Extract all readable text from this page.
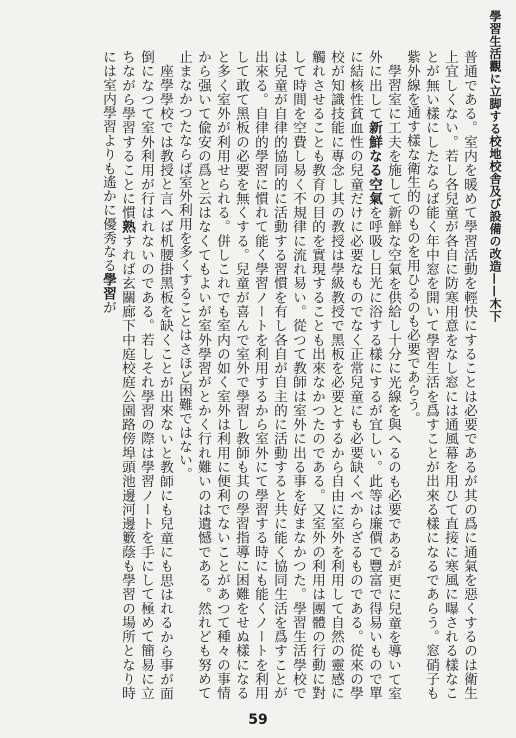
學習生活觀に立脚する校地校舎及び設備の改造——木下

普通である。室内を暖めて學習活動を輕快にすることは必要であるが其の爲に通氣を惡くするのは衛生上宜しくない。若し各兒童が各自に防寒用意をなし窓には通風幕を用ひて直接に寒風に曝される樣なことが無い樣にしたならば能く年中窓を開いて學習生活を爲すことが出來る樣になるであらう。窓硝子も紫外線を通す樣な衛生的のものを用ひるのも必要であらう。

學習室に工夫を施して新鮮な空氣を供給し十分に光線を與へるのも必要であるが更に兒童を導いて室外に出して新鮮なる空氣を呼吸し日光に浴する樣にするが宜しい。此等は廉價で豐富で得易いもので單に結核性貧血性の兒童だけに必要なものでなく正常兒童にも必要缺くべからざるものである。從來の學校が知識技能に專念し其の教授は學級教授で黑板を必要とするから自由に室外を利用して自然の靈感に觸れさせることも教育の目的を實現することも出來なかつたのである。又室外の利用は團體の行動に對して時間を空費し易く不規律に流れ易い。從つて教師は室外に出る事を好まなかつた。學習生活學校では兒童が自律的協同的に活動する習慣を有し各自が自主的に活動すると共に能く協同生活を爲すことが出來る。自律的學習に慣れて能く學習ノートを利用するから室外にて學習する時にも能くノートを利用して敢て黑板の必要を無くする。兒童が喜んで室外で學習し教師も其の學習指導に困難をせぬ樣になると多く室外が利用せられる。併しこれでも室内の如く室外は利用に便利でないことがあつて種々の事情から强いて偸安の爲と云はなくてもよいが室外學習がとかく行れ難いのは遺憾である。然れども努めて止まなかつたならば室外利用を多くすることはさほど困難ではない。

座學學校では教授と言へば机腰掛黑板を缺くことが出來ないと教師にも兒童にも思はれるから事が面倒になつて室外利用が行はれないのである。若しそれ學習の際は學習ノートを手にして極めて簡易に立ちながら學習することに慣熟すれば玄關廊下中庭校庭公園路傍埠頭池邊河邊籔蔭も學習の場所となり時には室内學習よりも遙かに優秀なる學習が

59
